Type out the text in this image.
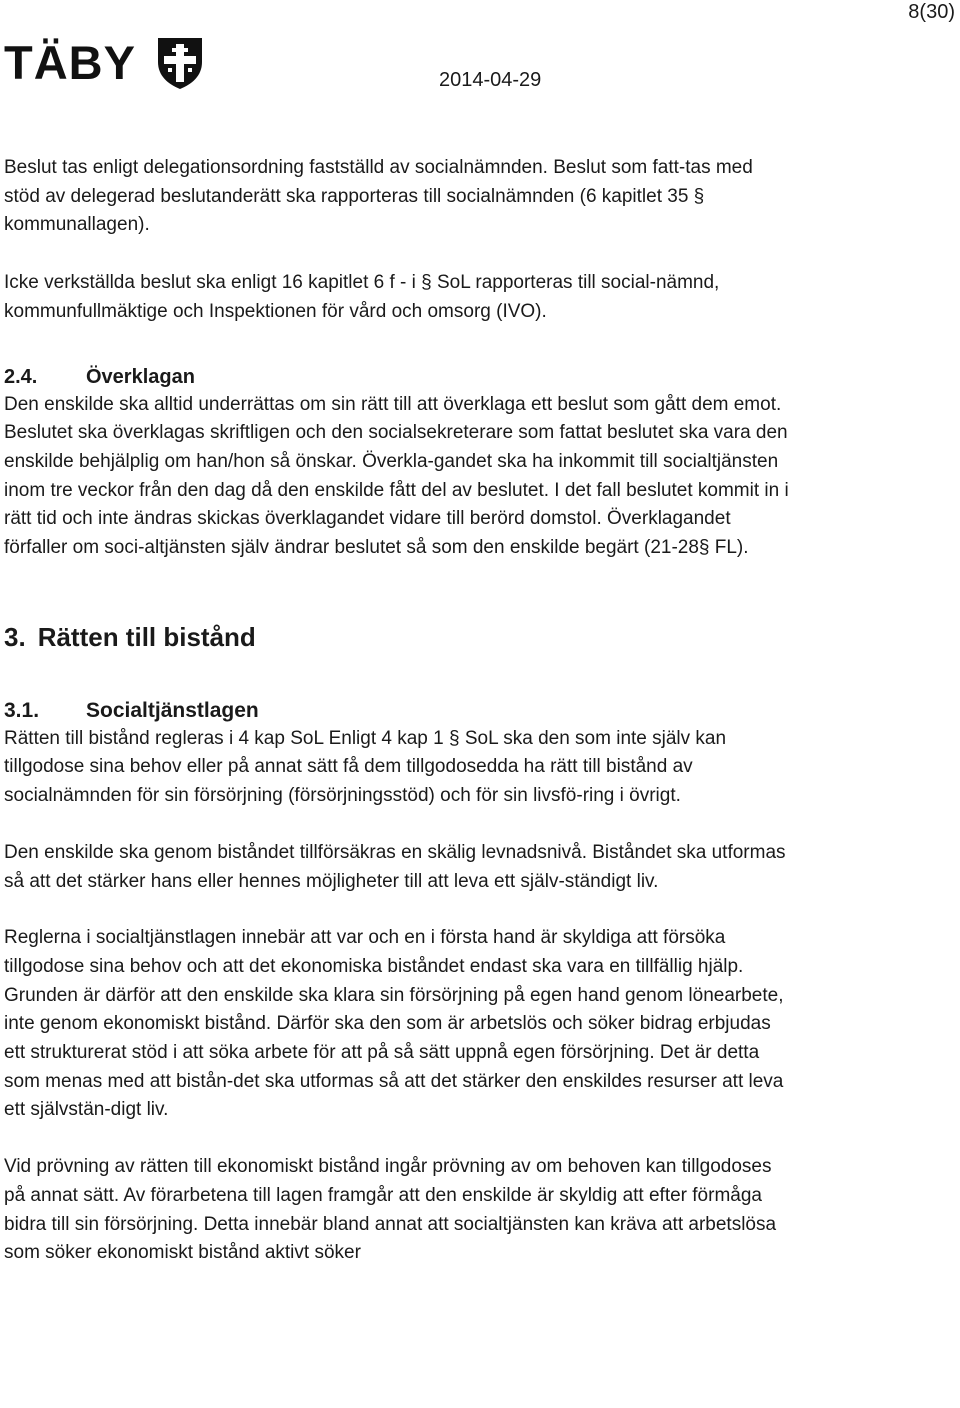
8(30)
TÄBY	2014-04-29

Beslut tas enligt delegationsordning fastställd av socialnämnden. Beslut som fatt-tas med stöd av delegerad beslutanderätt ska rapporteras till socialnämnden (6 kapitlet 35 § kommunallagen).

Icke verkställda beslut ska enligt 16 kapitlet 6 f - i § SoL rapporteras till social-nämnd, kommunfullmäktige och Inspektionen för vård och omsorg (IVO).

2.4.	Överklagan

Den enskilde ska alltid underrättas om sin rätt till att överklaga ett beslut som gått dem emot. Beslutet ska överklagas skriftligen och den socialsekreterare som fattat beslutet ska vara den enskilde behjälplig om han/hon så önskar. Överkla-gandet ska ha inkommit till socialtjänsten inom tre veckor från den dag då den enskilde fått del av beslutet. I det fall beslutet kommit in i rätt tid och inte ändras skickas överklagandet vidare till berörd domstol. Överklagandet förfaller om soci-altjänsten själv ändrar beslutet så som den enskilde begärt (21-28§ FL).

3. Rätten till bistånd
3.1.	Socialtjänstlagen

Rätten till bistånd regleras i 4 kap SoL Enligt 4 kap 1 § SoL ska den som inte själv kan tillgodose sina behov eller på annat sätt få dem tillgodosedda ha rätt till bistånd av socialnämnden för sin försörjning (försörjningsstöd) och för sin livsfö-ring i övrigt.

Den enskilde ska genom biståndet tillförsäkras en skälig levnadsnivå. Biståndet ska utformas så att det stärker hans eller hennes möjligheter till att leva ett själv-ständigt liv.

Reglerna i socialtjänstlagen innebär att var och en i första hand är skyldiga att försöka tillgodose sina behov och att det ekonomiska biståndet endast ska vara en tillfällig hjälp. Grunden är därför att den enskilde ska klara sin försörjning på egen hand genom lönearbete, inte genom ekonomiskt bistånd. Därför ska den som är arbetslös och söker bidrag erbjudas ett strukturerat stöd i att söka arbete för att på så sätt uppnå egen försörjning. Det är detta som menas med att bistån-det ska utformas så att det stärker den enskildes resurser att leva ett självstän-digt liv.

Vid prövning av rätten till ekonomiskt bistånd ingår prövning av om behoven kan tillgodoses på annat sätt. Av förarbetena till lagen framgår att den enskilde är skyldig att efter förmåga bidra till sin försörjning. Detta innebär bland annat att socialtjänsten kan kräva att arbetslösa som söker ekonomiskt bistånd aktivt söker
